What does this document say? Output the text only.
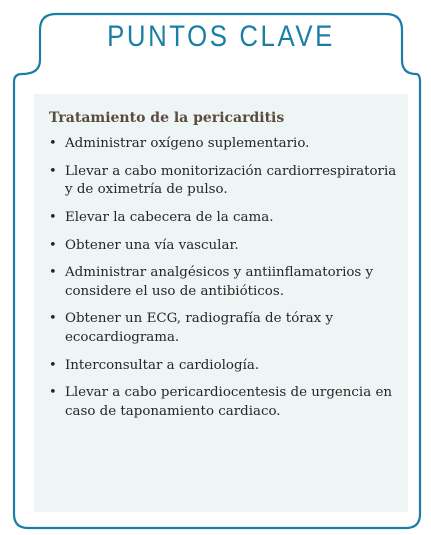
PUNTOS CLAVE
Tratamiento de la pericarditis
• Administrar oxígeno suplementario.
• Llevar a cabo monitorización cardiorrespiratoria y de oximetría de pulso.
• Elevar la cabecera de la cama.
• Obtener una vía vascular.
• Administrar analgésicos y antiinflamatorios y considere el uso de antibióticos.
• Obtener un ECG, radiografía de tórax y ecocardiograma.
• Interconsultar a cardiología.
• Llevar a cabo pericardiocentesis de urgencia en caso de taponamiento cardiaco.
